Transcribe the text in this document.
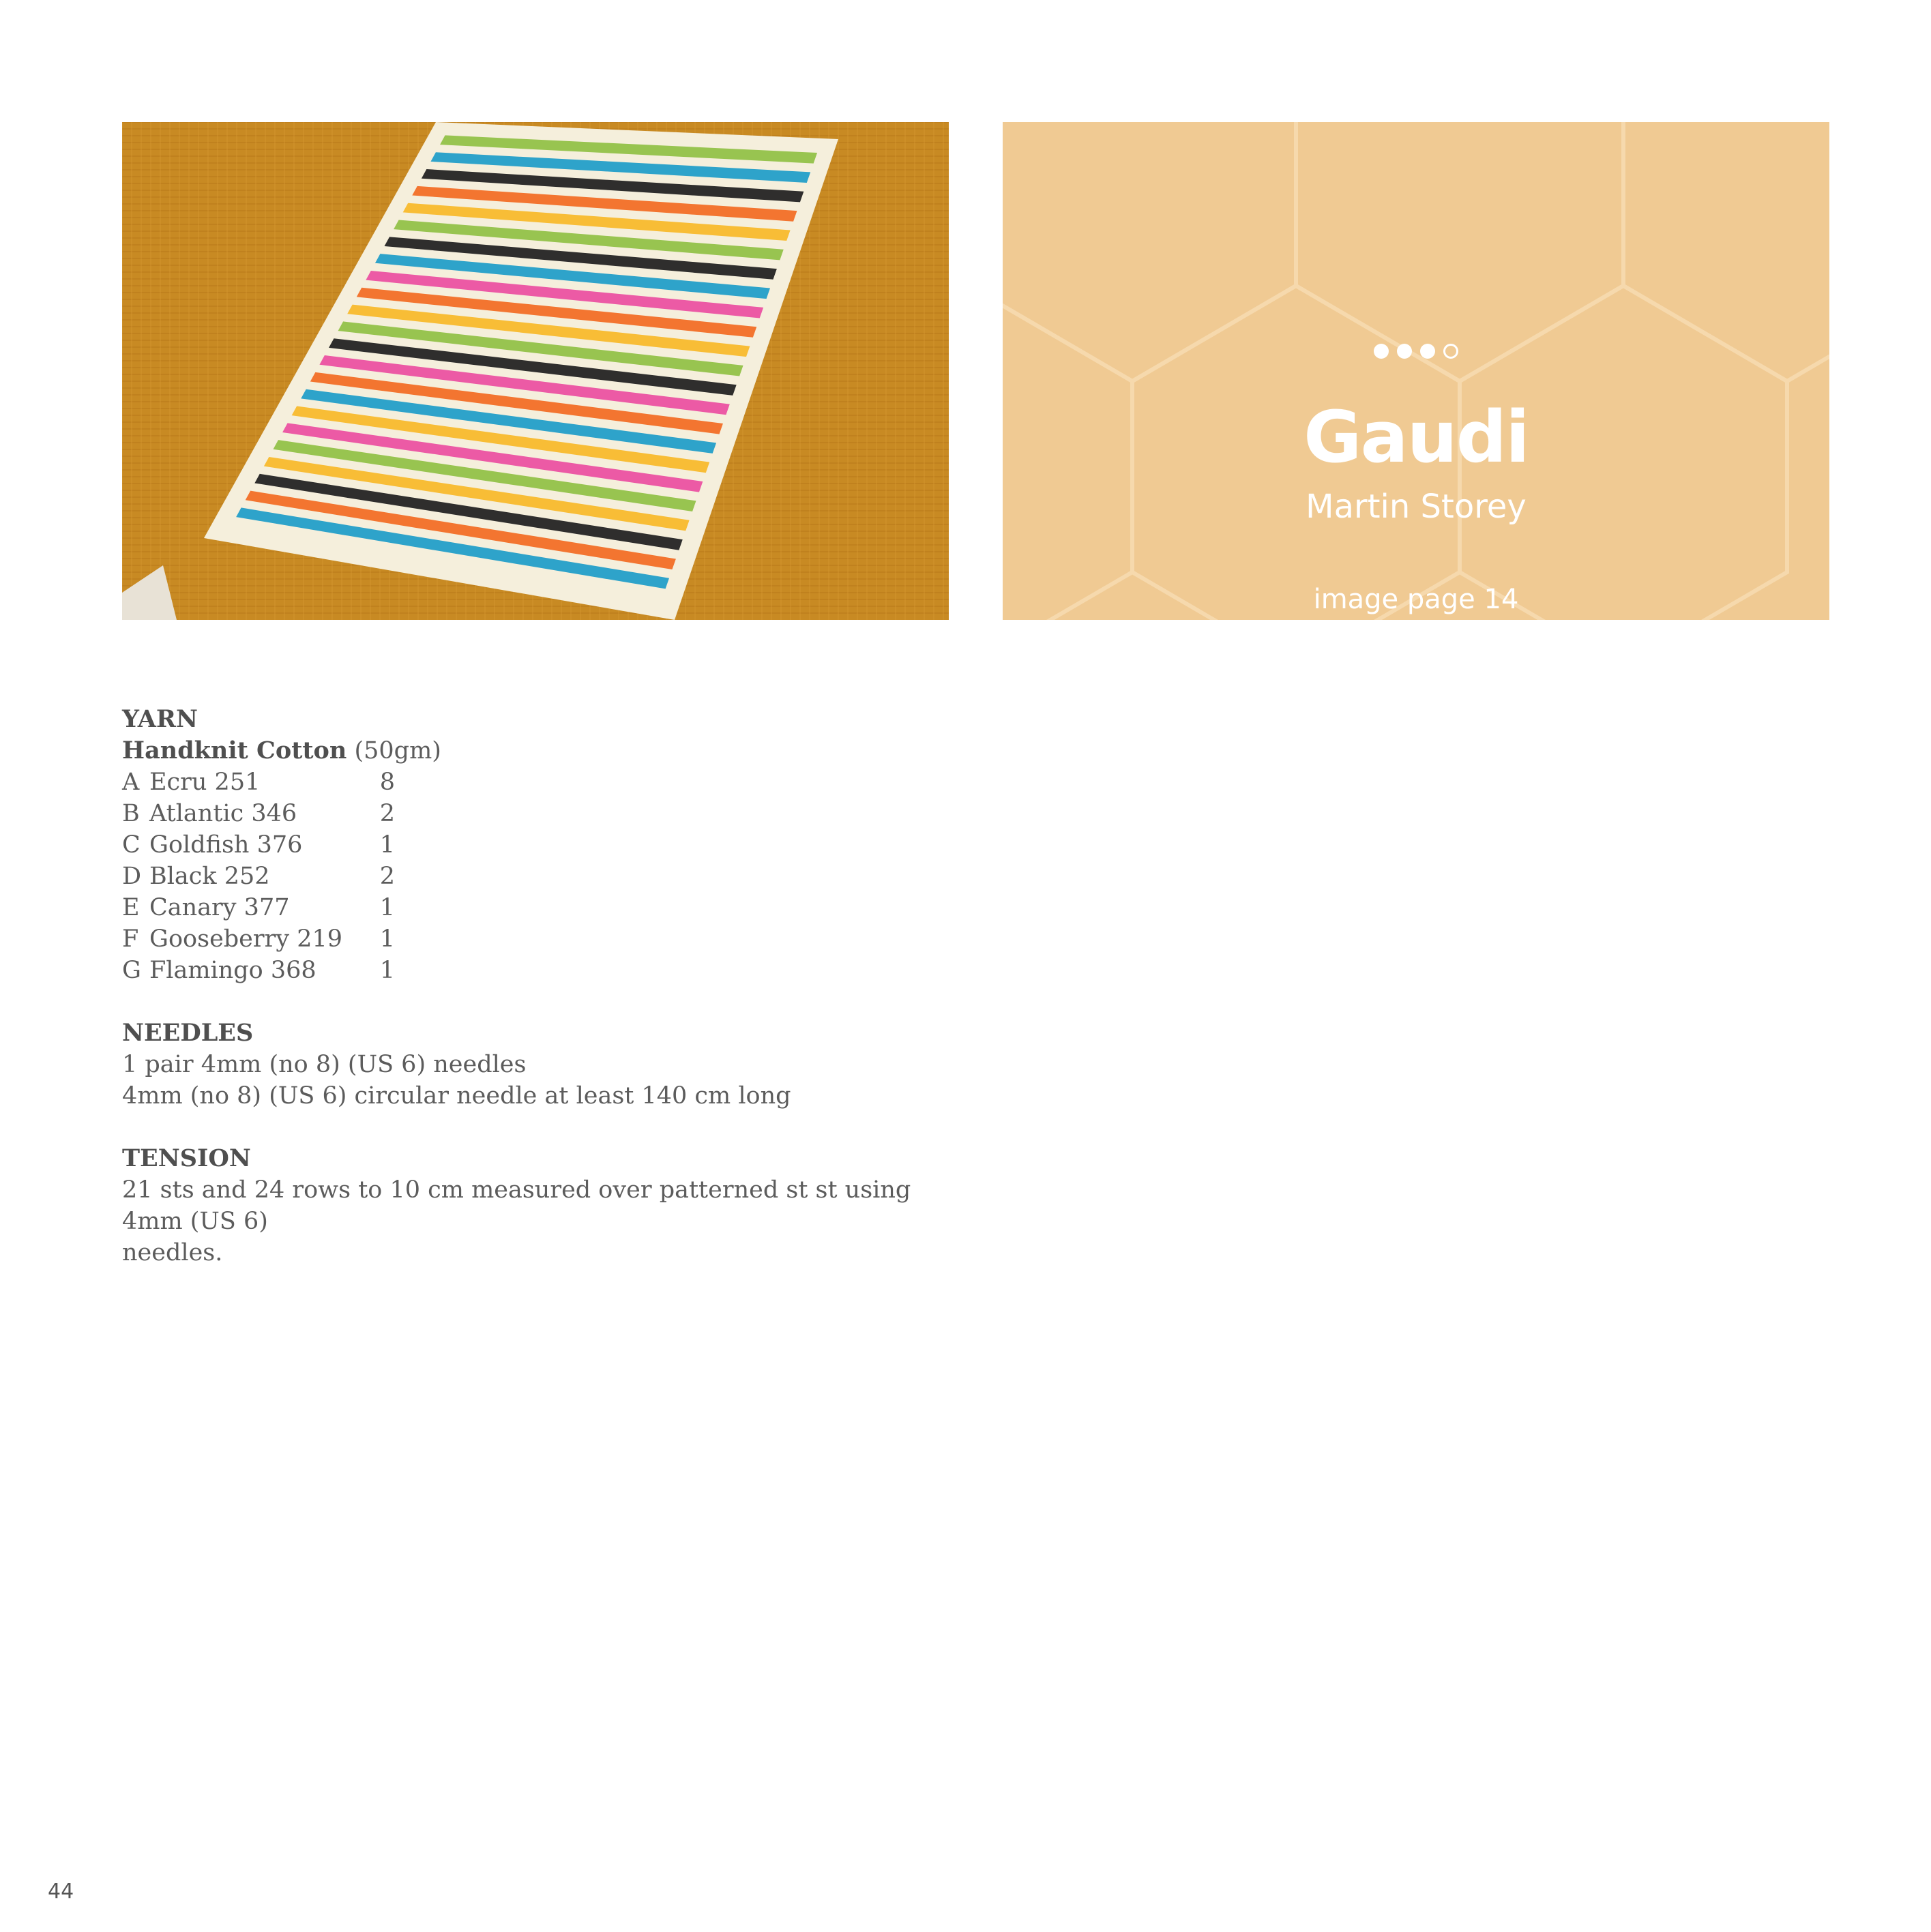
Gaudi
Martin Storey
image page 14
YARN
Handknit Cotton (50gm)
A Ecru 251	8
B Atlantic 346	2
C Goldfish 376	1
D Black 252	2
E Canary 377	1
F Gooseberry 219	1
G Flamingo 368	1
NEEDLES
1 pair 4mm (no 8) (US 6) needles
4mm (no 8) (US 6) circular needle at least 140 cm long
TENSION
21 sts and 24 rows to 10 cm measured over patterned st st using 4mm (US 6)
needles.
44
